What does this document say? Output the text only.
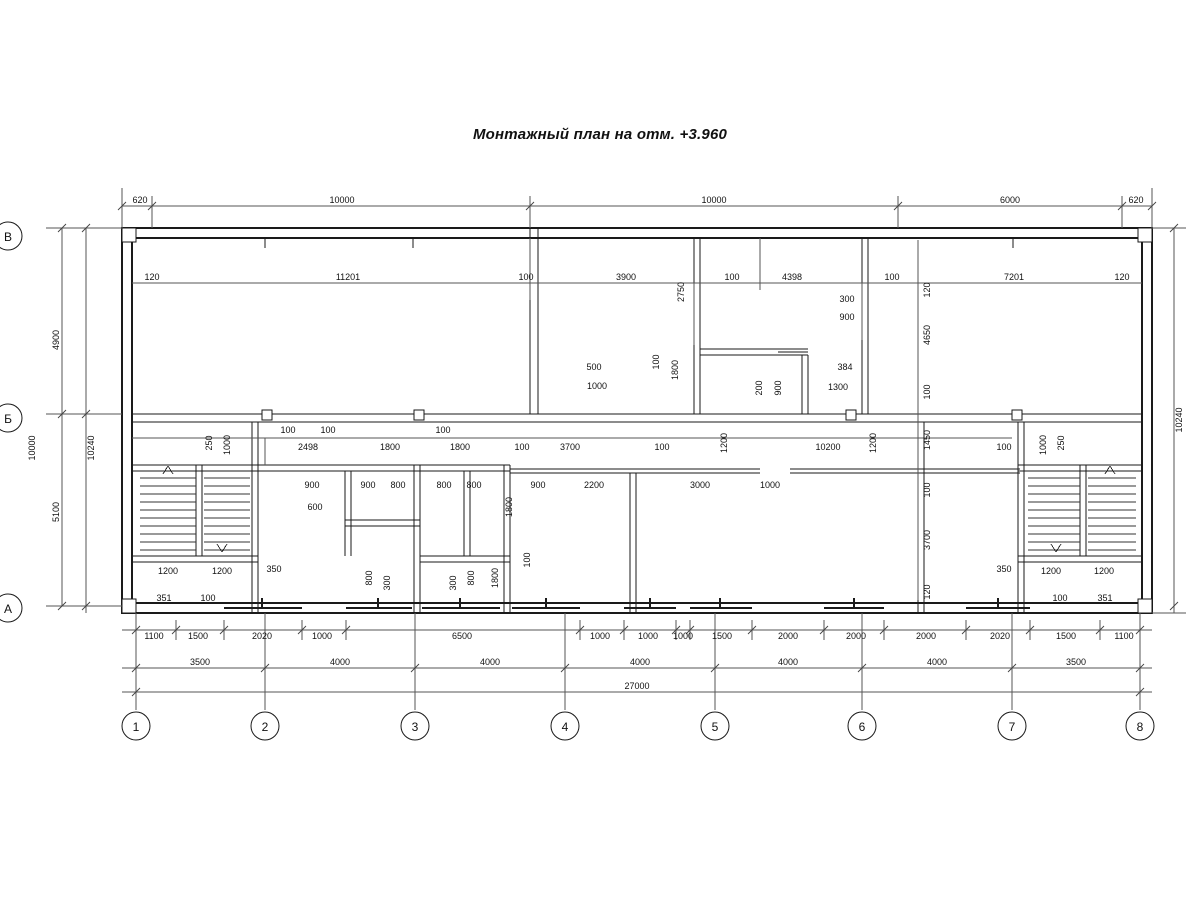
Монтажный план на отм. +3.960
1	2	3	4	5	6	7	8
В
Б
А
620	10000	10000	6000	620
4900
5100
10000	10240
10240
3500	4000	4000	4000	4000	4000	3500
27000
1100	1500	2020	1000	6500	1000	1000 1000 1500	2000	2000	2000	2020	1500	1100
120	11201	100	3900
2750
100	4398	100
120
7201	120
4650
100
1450
100
3700
120
500
1000
100 1800
300
900
384
1300
200 900
250 1000
100	100
2498	1800
100
1800	100	3700	100	1200	10200	1200	100	1000 250
900	900 800	800 800	900	2200	3000	1000
600	1800
100
1200	1200	350
351	100
350	1200	1200
100	351
800 300	300 800 1800
